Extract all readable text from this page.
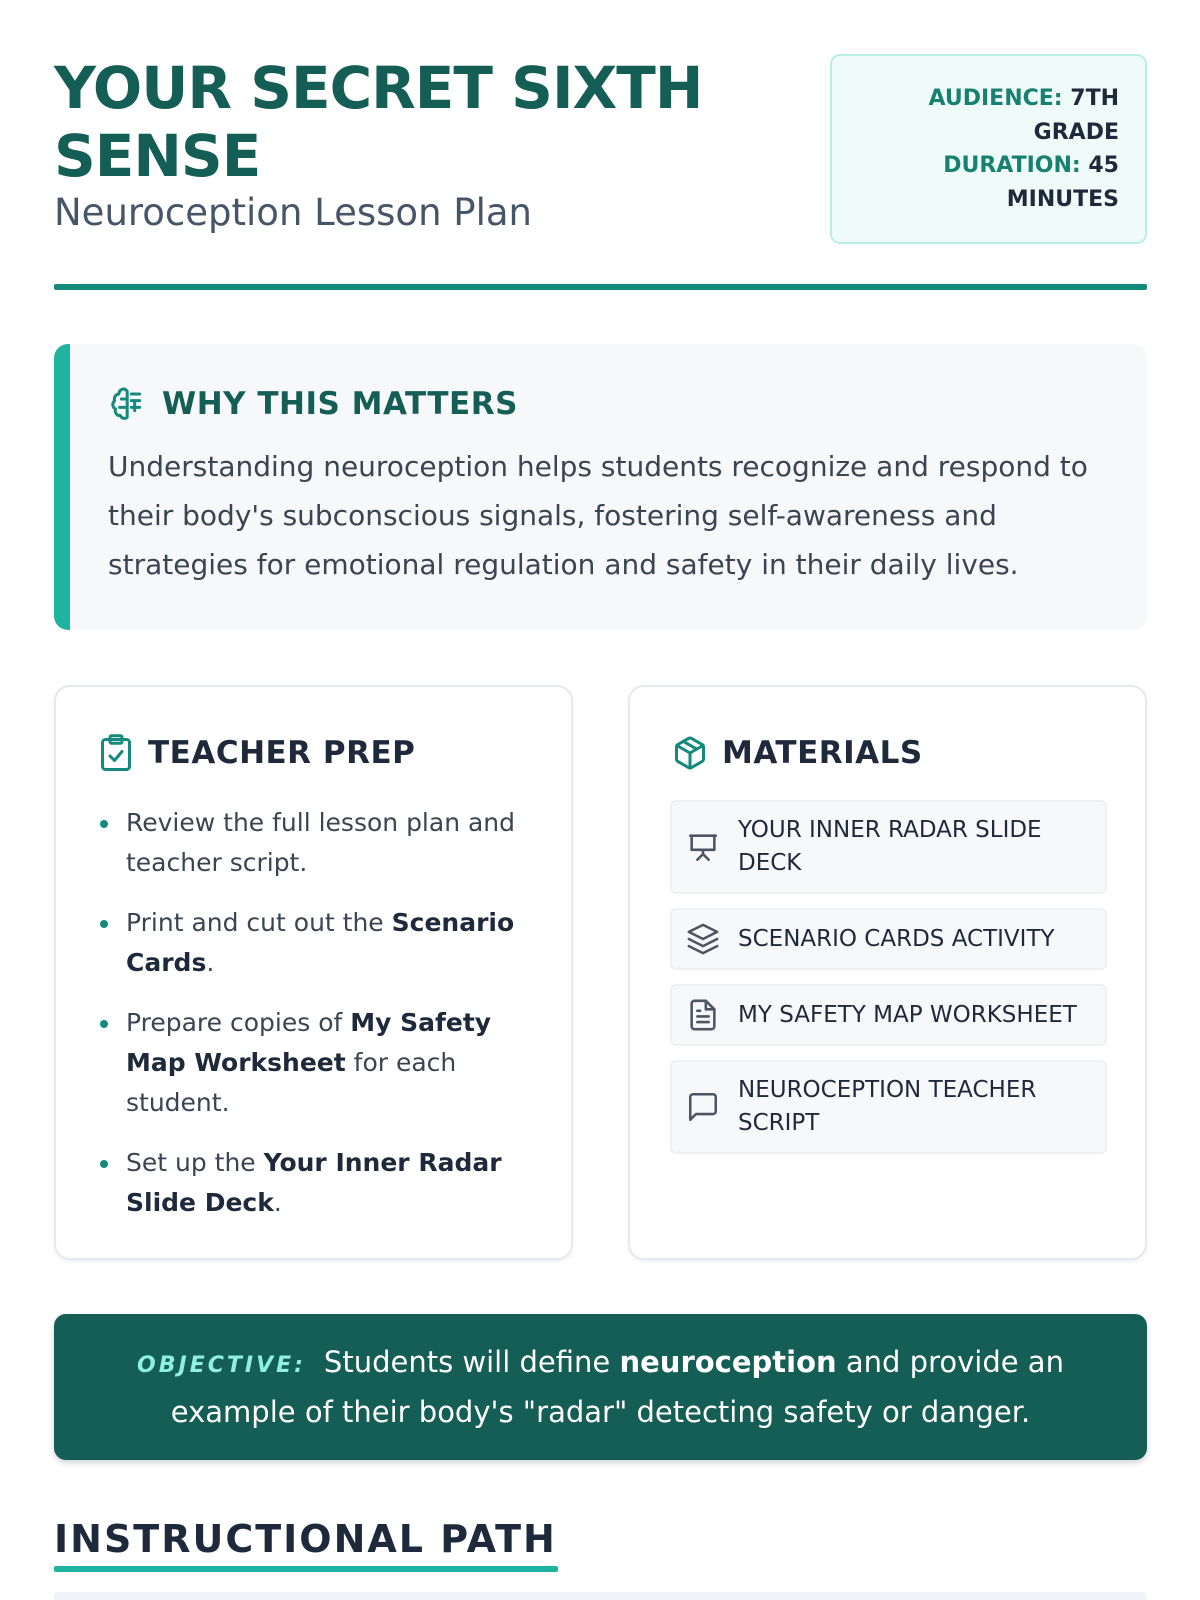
YOUR SECRET SIXTH SENSE
Neuroception Lesson Plan
AUDIENCE: 7TH GRADE
DURATION: 45 MINUTES
WHY THIS MATTERS

Understanding neuroception helps students recognize and respond to their body's subconscious signals, fostering self-awareness and strategies for emotional regulation and safety in their daily lives.

TEACHER PREP
Review the full lesson plan and teacher script.
Print and cut out the Scenario Cards.
Prepare copies of My Safety Map Worksheet for each student.
Set up the Your Inner Radar Slide Deck.
MATERIALS
YOUR INNER RADAR SLIDE DECK
SCENARIO CARDS ACTIVITY
MY SAFETY MAP WORKSHEET
NEUROCEPTION TEACHER SCRIPT

OBJECTIVE: Students will define neuroception and provide an example of their body's "radar" detecting safety or danger.

INSTRUCTIONAL PATH
